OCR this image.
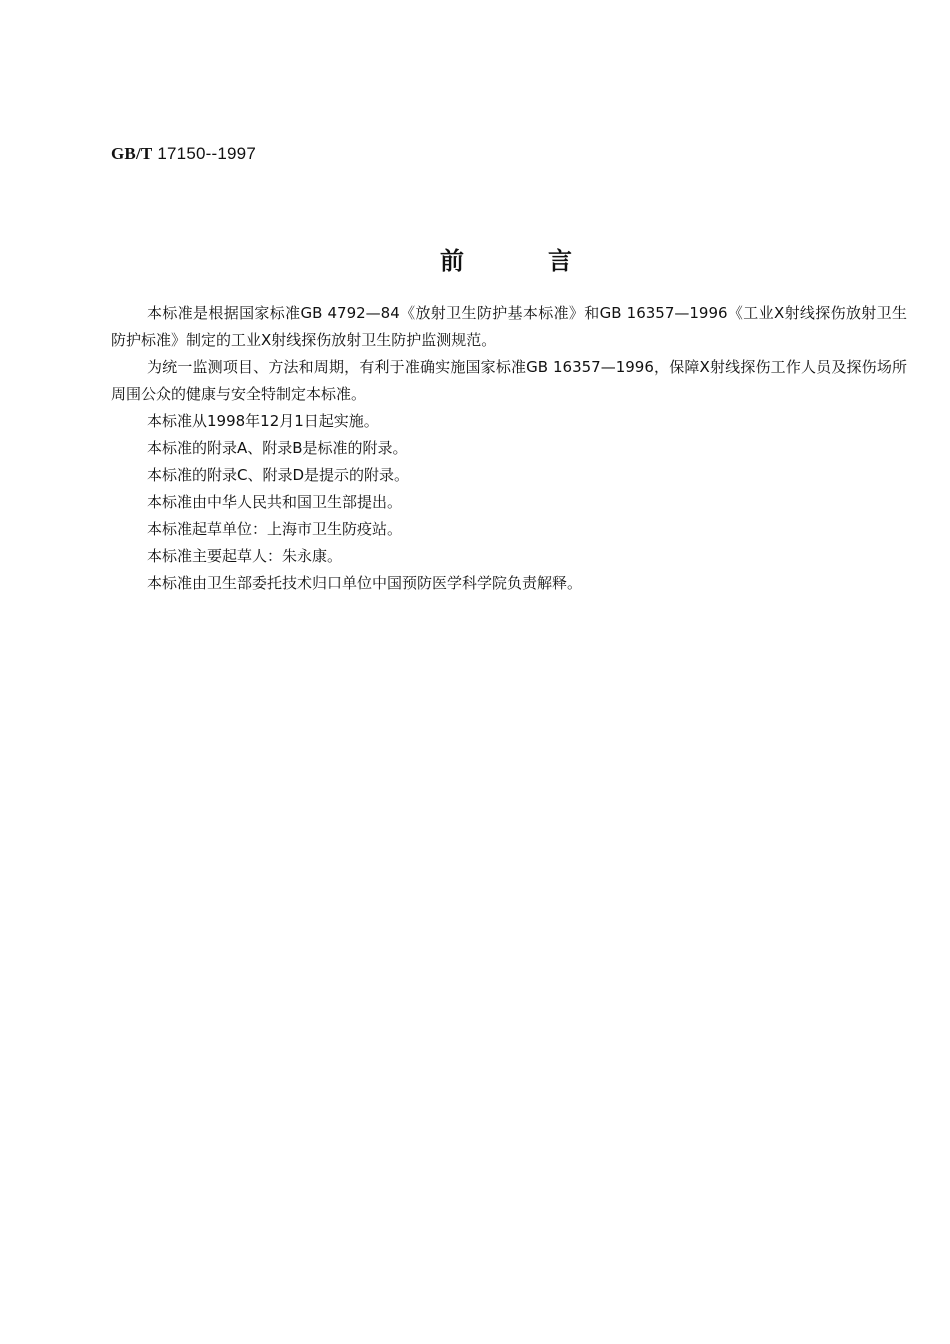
GB/T 17150--1997
前	言

本标准是根据国家标准GB 4792—84《放射卫生防护基本标准》和GB 16357—1996《工业X射线探伤放射卫生防护标准》制定的工业X射线探伤放射卫生防护监测规范。

为统一监测项目、方法和周期，有利于准确实施国家标准GB 16357—1996，保障X射线探伤工作人员及探伤场所周围公众的健康与安全特制定本标准。

本标准从1998年12月1日起实施。

本标准的附录A、附录B是标准的附录。

本标准的附录C、附录D是提示的附录。

本标准由中华人民共和国卫生部提出。

本标准起草单位：上海市卫生防疫站。

本标准主要起草人：朱永康。

本标准由卫生部委托技术归口单位中国预防医学科学院负责解释。
